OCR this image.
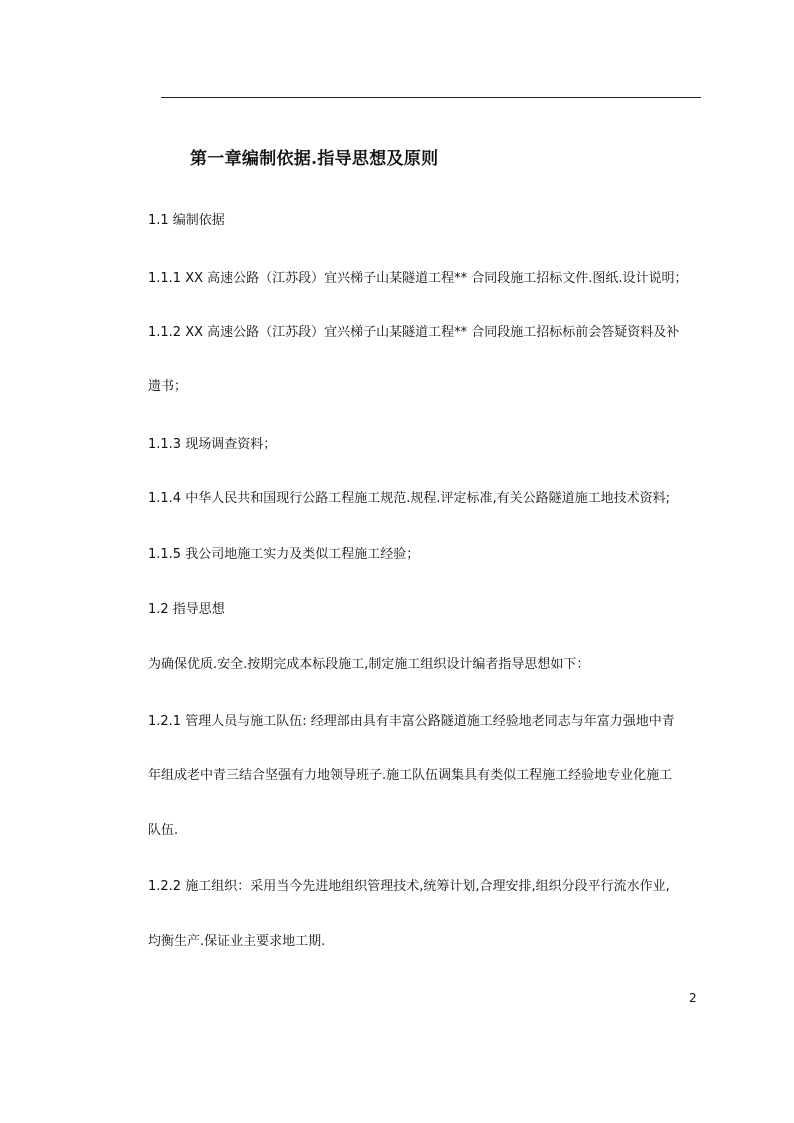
第一章编制依据.指导思想及原则
1.1 编制依据
1.1.1 XX 高速公路（江苏段）宜兴梯子山某隧道工程** 合同段施工招标文件.图纸.设计说明；
1.1.2 XX 高速公路（江苏段）宜兴梯子山某隧道工程** 合同段施工招标标前会答疑资料及补
遗书；
1.1.3 现场调查资料；
1.1.4 中华人民共和国现行公路工程施工规范.规程.评定标准,有关公路隧道施工地技术资料;
1.1.5 我公司地施工实力及类似工程施工经验；
1.2 指导思想
为确保优质.安全.按期完成本标段施工,制定施工组织设计编者指导思想如下：
1.2.1 管理人员与施工队伍: 经理部由具有丰富公路隧道施工经验地老同志与年富力强地中青
年组成老中青三结合坚强有力地领导班子.施工队伍调集具有类似工程施工经验地专业化施工
队伍.
1.2.2 施工组织：采用当今先进地组织管理技术,统筹计划,合理安排,组织分段平行流水作业,
均衡生产.保证业主要求地工期.
2
